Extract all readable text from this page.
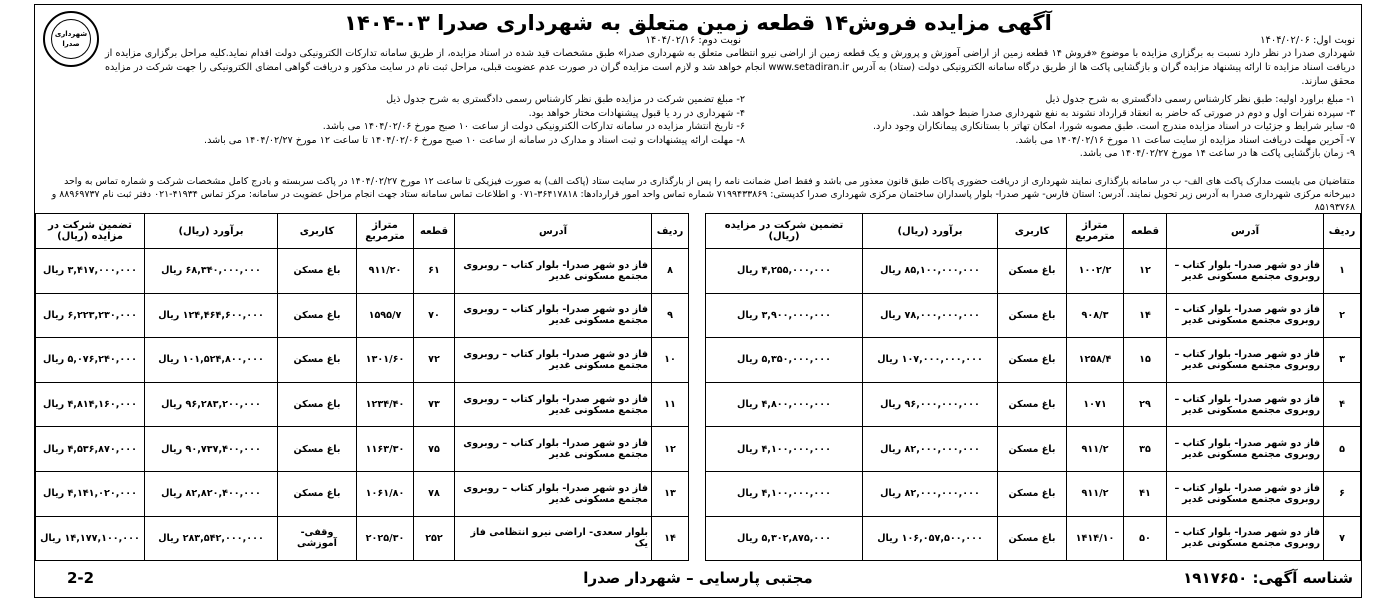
شهرداری صدرا
آگهی مزایده فروش۱۴ قطعه زمین متعلق به شهرداری صدرا ۰۳-۱۴۰۴
نوبت اول: ۱۴۰۴/۰۲/۰۶
نوبت دوم: ۱۴۰۴/۰۲/۱۶
شهرداری صدرا در نظر دارد نسبت به برگزاری مزایده با موضوع «فروش ۱۴ قطعه زمین از اراضی آموزش و پرورش و یک قطعه زمین از اراضی نیرو انتظامی متعلق به شهرداری صدرا» طبق مشخصات قید شده در اسناد مزایده، از طریق سامانه تدارکات الکترونیکی دولت اقدام نماید.کلیه مراحل برگزاری مزایده از دریافت اسناد مزایده تا ارائه پیشنهاد مزایده گران و بازگشایی پاکت ها از طریق درگاه سامانه الکترونیکی دولت (ستاد) به آدرس www.setadiran.ir انجام خواهد شد و لازم است مزایده گران در صورت عدم عضویت قبلی، مراحل ثبت نام در سایت مذکور و دریافت گواهی امضای الکترونیکی را جهت شرکت در مزایده محقق سازند.
۱- مبلغ براورد اولیه: طبق نظر کارشناس رسمی دادگستری به شرح جدول ذیل
۲- مبلغ تضمین شرکت در مزایده طبق نظر کارشناس رسمی دادگستری به شرح جدول ذیل
۳- سپرده نفرات اول و دوم در صورتی که حاضر به انعقاد قرارداد نشوند به نفع شهرداری صدرا ضبط خواهد شد.
۴- شهرداری در رد یا قبول پیشنهادات مختار خواهد بود.
۵- سایر شرایط و جزئیات در اسناد مزایده مندرج است. طبق مصوبه شورا، امکان تهاتر با بستانکاری پیمانکاران وجود دارد.
۶- تاریخ انتشار مزایده در سامانه تدارکات الکترونیکی دولت از ساعت ۱۰ صبح مورخ ۱۴۰۴/۰۲/۰۶ می باشد.
۷- آخرین مهلت دریافت اسناد مزایده از سایت ساعت ۱۱ مورخ ۱۴۰۴/۰۲/۱۶ می باشد.
۸- مهلت ارائه پیشنهادات و ثبت اسناد و مدارک در سامانه از ساعت ۱۰ صبح مورخ ۱۴۰۴/۰۲/۰۶ تا ساعت ۱۲ مورخ ۱۴۰۴/۰۲/۲۷ می باشد.
۹- زمان بازگشایی پاکت ها در ساعت ۱۴ مورخ ۱۴۰۴/۰۲/۲۷ می باشد.
متقاضیان می بایست مدارک پاکت های الف- ب در سامانه بارگذاری نمایند شهرداری از دریافت حضوری پاکات طبق قانون معذور می باشد و فقط اصل ضمانت نامه را پس از بارگذاری در سایت ستاد (پاکت الف) به صورت فیزیکی تا ساعت ۱۲ مورخ ۱۴۰۴/۰۲/۲۷ در پاکت سربسته و بادرج کامل مشخصات شرکت و شماره تماس به واحد دبیرخانه مرکزی شهرداری صدرا به آدرس زیر تحویل نمایند. آدرس: استان فارس- شهر صدرا- بلوار پاسداران ساختمان مرکزی شهرداری صدرا کدپستی: ۷۱۹۹۴۳۳۸۶۹ شماره تماس واحد امور قراردادها: ۳۶۴۱۷۸۱۸-۰۷۱ و اطلاعات تماس سامانه ستاد جهت انجام مراحل عضویت در سامانه: مرکز تماس ۴۱۹۳۴-۰۲۱ دفتر ثبت نام ۸۸۹۶۹۷۳۷ و ۸۵۱۹۳۷۶۸
ردیف	آدرس	قطعه	متراژ مترمربع	کاربری	برآورد (ریال)	تضمین شرکت در مزایده (ریال)
۱	فاز دو شهر صدرا- بلوار کتاب – روبروی مجتمع مسکونی غدیر	۱۲	۱۰۰۲/۲	باغ مسکن	۸۵,۱۰۰,۰۰۰,۰۰۰ ریال	۴,۲۵۵,۰۰۰,۰۰۰ ریال
۲	فاز دو شهر صدرا- بلوار کتاب – روبروی مجتمع مسکونی غدیر	۱۴	۹۰۸/۳	باغ مسکن	۷۸,۰۰۰,۰۰۰,۰۰۰ ریال	۳,۹۰۰,۰۰۰,۰۰۰ ریال
۳	فاز دو شهر صدرا- بلوار کتاب – روبروی مجتمع مسکونی غدیر	۱۵	۱۲۵۸/۴	باغ مسکن	۱۰۷,۰۰۰,۰۰۰,۰۰۰ ریال	۵,۳۵۰,۰۰۰,۰۰۰ ریال
۴	فاز دو شهر صدرا- بلوار کتاب – روبروی مجتمع مسکونی غدیر	۲۹	۱۰۷۱	باغ مسکن	۹۶,۰۰۰,۰۰۰,۰۰۰ ریال	۴,۸۰۰,۰۰۰,۰۰۰ ریال
۵	فاز دو شهر صدرا- بلوار کتاب – روبروی مجتمع مسکونی غدیر	۳۵	۹۱۱/۲	باغ مسکن	۸۲,۰۰۰,۰۰۰,۰۰۰ ریال	۴,۱۰۰,۰۰۰,۰۰۰ ریال
۶	فاز دو شهر صدرا- بلوار کتاب – روبروی مجتمع مسکونی غدیر	۴۱	۹۱۱/۲	باغ مسکن	۸۲,۰۰۰,۰۰۰,۰۰۰ ریال	۴,۱۰۰,۰۰۰,۰۰۰ ریال
۷	فاز دو شهر صدرا- بلوار کتاب – روبروی مجتمع مسکونی غدیر	۵۰	۱۴۱۴/۱۰	باغ مسکن	۱۰۶,۰۵۷,۵۰۰,۰۰۰ ریال	۵,۳۰۲,۸۷۵,۰۰۰ ریال
ردیف	آدرس	قطعه	متراژ مترمربع	کاربری	برآورد (ریال)	تضمین شرکت در مزایده (ریال)
۸	فاز دو شهر صدرا- بلوار کتاب – روبروی مجتمع مسکونی غدیر	۶۱	۹۱۱/۲۰	باغ مسکن	۶۸,۳۴۰,۰۰۰,۰۰۰ ریال	۳,۴۱۷,۰۰۰,۰۰۰ ریال
۹	فاز دو شهر صدرا- بلوار کتاب – روبروی مجتمع مسکونی غدیر	۷۰	۱۵۹۵/۷	باغ مسکن	۱۲۴,۴۶۴,۶۰۰,۰۰۰ ریال	۶,۲۲۳,۲۳۰,۰۰۰ ریال
۱۰	فاز دو شهر صدرا- بلوار کتاب – روبروی مجتمع مسکونی غدیر	۷۲	۱۳۰۱/۶۰	باغ مسکن	۱۰۱,۵۲۴,۸۰۰,۰۰۰ ریال	۵,۰۷۶,۲۴۰,۰۰۰ ریال
۱۱	فاز دو شهر صدرا- بلوار کتاب – روبروی مجتمع مسکونی غدیر	۷۳	۱۲۳۴/۴۰	باغ مسکن	۹۶,۲۸۳,۲۰۰,۰۰۰ ریال	۴,۸۱۴,۱۶۰,۰۰۰ ریال
۱۲	فاز دو شهر صدرا- بلوار کتاب – روبروی مجتمع مسکونی غدیر	۷۵	۱۱۶۳/۳۰	باغ مسکن	۹۰,۷۳۷,۴۰۰,۰۰۰ ریال	۴,۵۳۶,۸۷۰,۰۰۰ ریال
۱۳	فاز دو شهر صدرا- بلوار کتاب – روبروی مجتمع مسکونی غدیر	۷۸	۱۰۶۱/۸۰	باغ مسکن	۸۲,۸۲۰,۴۰۰,۰۰۰ ریال	۴,۱۴۱,۰۲۰,۰۰۰ ریال
۱۴	بلوار سعدی- اراضی نیرو انتظامی فاز یک	۲۵۲	۲۰۲۵/۳۰	وقفی- آموزشی	۲۸۳,۵۴۲,۰۰۰,۰۰۰ ریال	۱۴,۱۷۷,۱۰۰,۰۰۰ ریال
شناسه آگهی: ۱۹۱۷۶۵۰
مجتبی پارسایی – شهردار صدرا
2-2
